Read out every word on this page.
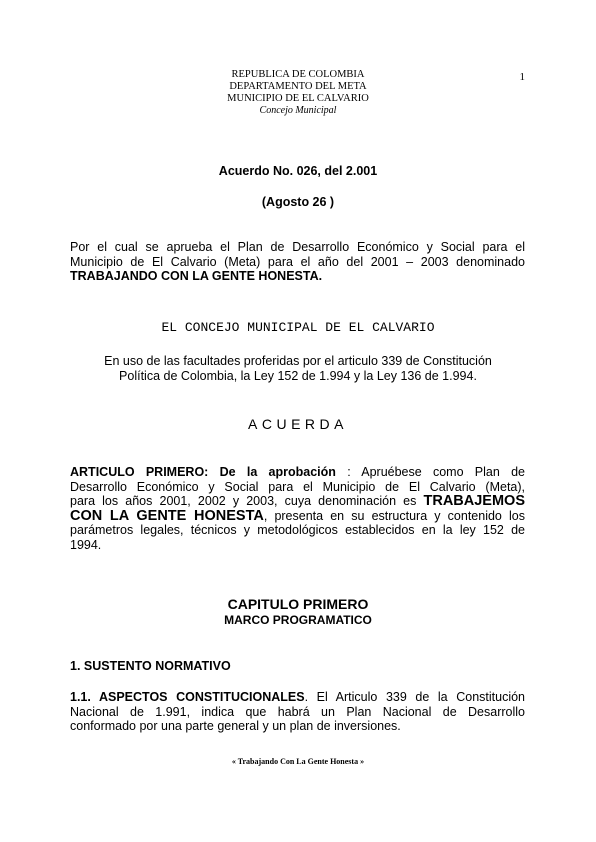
REPUBLICA DE COLOMBIA
DEPARTAMENTO DEL META
MUNICIPIO DE EL CALVARIO
Concejo Municipal
1
Acuerdo No. 026, del 2.001
(Agosto 26 )
Por el cual se aprueba el Plan de Desarrollo Económico y Social para el
Municipio de El Calvario (Meta) para el año del 2001 – 2003 denominado
TRABAJANDO CON LA GENTE HONESTA.
EL CONCEJO MUNICIPAL DE EL CALVARIO
En uso de las facultades proferidas por el articulo 339 de Constitución
Política de Colombia, la Ley 152 de 1.994 y la Ley 136 de 1.994.
ACUERDA
ARTICULO PRIMERO: De la aprobación : Apruébese como Plan de
Desarrollo Económico y Social para el Municipio de El Calvario (Meta),
para los años 2001, 2002 y 2003, cuya denominación es TRABAJEMOS
CON LA GENTE HONESTA, presenta en su estructura y contenido los
parámetros legales, técnicos y metodológicos establecidos en la ley 152 de
1994.
CAPITULO PRIMERO
MARCO PROGRAMATICO
1. SUSTENTO NORMATIVO
1.1. ASPECTOS CONSTITUCIONALES. El Articulo 339 de la Constitución
Nacional de 1.991, indica que habrá un Plan Nacional de Desarrollo
conformado por una parte general y un plan de inversiones.
« Trabajando Con La Gente Honesta »
